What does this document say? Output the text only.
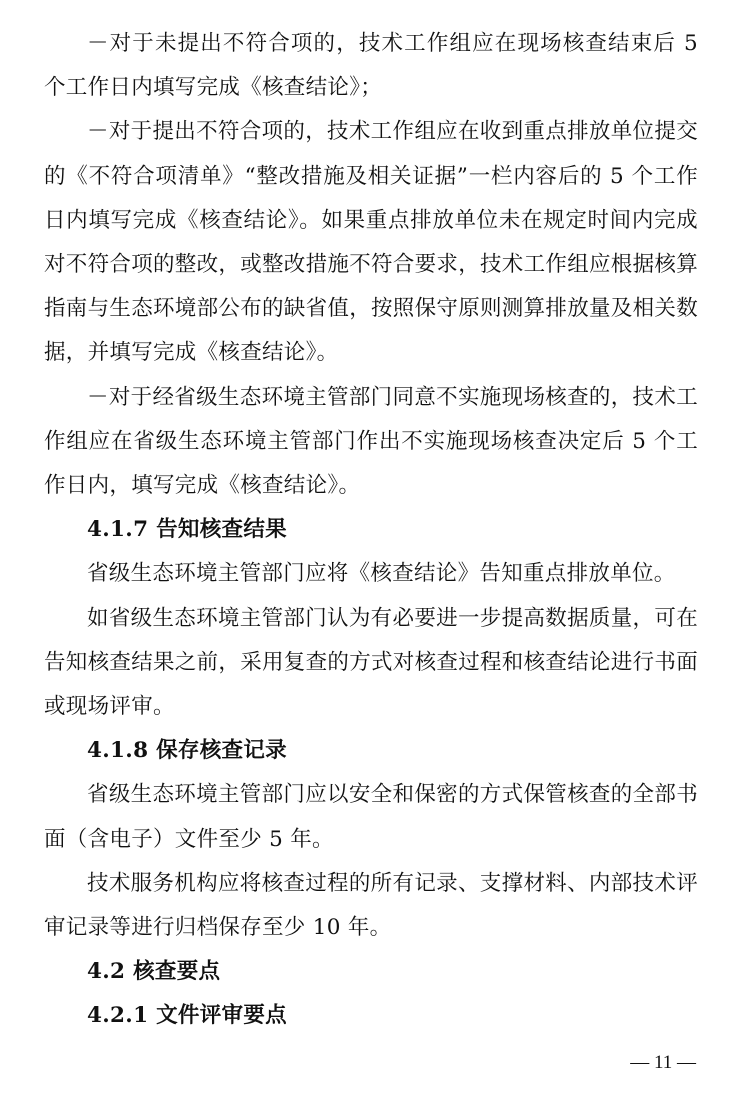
－对于未提出不符合项的，技术工作组应在现场核查结束后 5 个工作日内填写完成《核查结论》；

－对于提出不符合项的，技术工作组应在收到重点排放单位提交的《不符合项清单》“整改措施及相关证据”一栏内容后的 5 个工作日内填写完成《核查结论》。如果重点排放单位未在规定时间内完成对不符合项的整改，或整改措施不符合要求，技术工作组应根据核算指南与生态环境部公布的缺省值，按照保守原则测算排放量及相关数据，并填写完成《核查结论》。

－对于经省级生态环境主管部门同意不实施现场核查的，技术工作组应在省级生态环境主管部门作出不实施现场核查决定后 5 个工作日内，填写完成《核查结论》。

4.1.7 告知核查结果

省级生态环境主管部门应将《核查结论》告知重点排放单位。

如省级生态环境主管部门认为有必要进一步提高数据质量，可在告知核查结果之前，采用复查的方式对核查过程和核查结论进行书面或现场评审。

4.1.8 保存核查记录

省级生态环境主管部门应以安全和保密的方式保管核查的全部书面（含电子）文件至少 5 年。

技术服务机构应将核查过程的所有记录、支撑材料、内部技术评审记录等进行归档保存至少 10 年。

4.2 核查要点

4.2.1 文件评审要点

— 11 —
